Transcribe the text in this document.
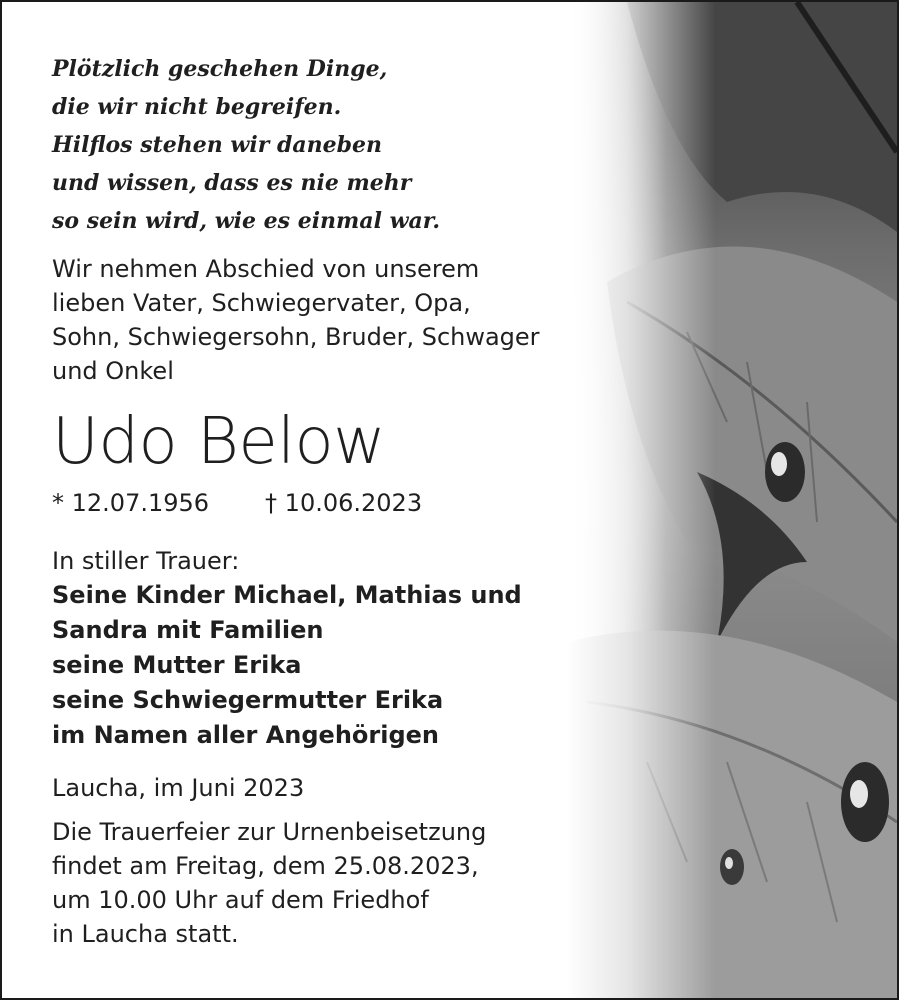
Plötzlich geschehen Dinge,
die wir nicht begreifen.
Hilflos stehen wir daneben
und wissen, dass es nie mehr
so sein wird, wie es einmal war.
Wir nehmen Abschied von unserem
lieben Vater, Schwiegervater, Opa,
Sohn, Schwiegersohn, Bruder, Schwager
und Onkel
Udo Below
* 12.07.1956 † 10.06.2023
In stiller Trauer:
Seine Kinder Michael, Mathias und
Sandra mit Familien
seine Mutter Erika
seine Schwiegermutter Erika
im Namen aller Angehörigen
Laucha, im Juni 2023
Die Trauerfeier zur Urnenbeisetzung
findet am Freitag, dem 25.08.2023,
um 10.00 Uhr auf dem Friedhof
in Laucha statt.
